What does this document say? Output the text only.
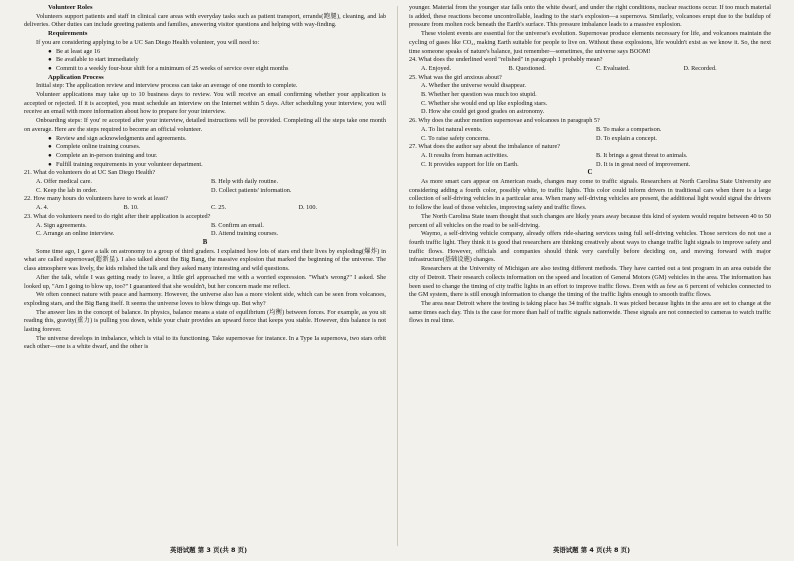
Volunteer Roles

Volunteers support patients and staff in clinical care areas with everyday tasks such as patient transport, errands(跑腿), cleaning, and lab deliveries. Other duties can include greeting patients and families, answering visitor questions and helping with way-finding.

Requirements

If you are considering applying to be a UC San Diego Health volunteer, you will need to:

● Be at least age 16

● Be available to start immediately

● Commit to a weekly four-hour shift for a minimum of 25 weeks of service over eight months

Application Process

Initial step: The application review and interview process can take an average of one month to complete.

Volunteer applications may take up to 10 business days to review. You will receive an email confirming whether your application is accepted or rejected. If it is accepted, you must schedule an interview on the Internet within 5 days. After scheduling your interview, you will receive an email with more information about how to prepare for your interview.

Onboarding steps: If you' re accepted after your interview, detailed instructions will be provided. Completing all the steps take one month on average. Here are the steps required to become an official volunteer.

● Review and sign acknowledgments and agreements.

● Complete online training courses.

● Complete an in-person training and tour.

● Fulfill training requirements in your volunteer department.

21. What do volunteers do at UC San Diego Health?

A. Offer medical care.	B. Help with daily routine.
C. Keep the lab in order.	D. Collect patients' information.

22. How many hours do volunteers have to work at least?

A. 4.	B. 10.	C. 25.	D. 100.

23. What do volunteers need to do right after their application is accepted?

A. Sign agreements.	B. Confirm an email.
C. Arrange an online interview.	D. Attend training courses.

B

Some time ago, I gave a talk on astronomy to a group of third graders. I explained how lots of stars end their lives by exploding(爆炸) in what are called supernovae(超新星). I also talked about the Big Bang, the massive explosion that marked the beginning of the universe. The class atmosphere was lively, the kids relished the talk and they asked many interesting and wild questions.

After the talk, while I was getting ready to leave, a little girl approached me with a worried expression. "What's wrong?" I asked. She looked up, "Am I going to blow up, too?" I guaranteed that she wouldn't, but her concern made me reflect.

We often connect nature with peace and harmony. However, the universe also has a more violent side, which can be seen from volcanoes, exploding stars, and the Big Bang itself. It seems the universe loves to blow things up. But why?

The answer lies in the concept of balance. In physics, balance means a state of equilibrium (均衡) between forces. For example, as you sit reading this, gravity(重力) is pulling you down, while your chair provides an upward force that keeps you stable. However, this balance is not lasting forever.

The universe develops in imbalance, which is vital to its functioning. Take supernovae for instance. In a Type Ia supernova, two stars orbit each other—one is a white dwarf, and the other is

younger. Material from the younger star falls onto the white dwarf, and under the right conditions, nuclear reactions occur. If too much material is added, these reactions become uncontrollable, leading to the star's explosion—a supernova. Similarly, volcanoes erupt due to the buildup of pressure from molten rock beneath the Earth's surface. This pressure imbalance leads to a massive explosion.

These violent events are essential for the universe's evolution. Supernovae produce elements necessary for life, and volcanoes maintain the cycling of gases like CO₂, making Earth suitable for people to live on. Without these explosions, life wouldn't exist as we know it. So, the next time someone speaks of nature's balance, just remember—sometimes, the universe says BOOM!

24. What does the underlined word "relished" in paragraph 1 probably mean?

A. Enjoyed.	B. Questioned.	C. Evaluated.	D. Recorded.

25. What was the girl anxious about?

A. Whether the universe would disappear.

B. Whether her question was much too stupid.

C. Whether she would end up like exploding stars.

D. How she could get good grades on astronomy.

26. Why does the author mention supernovae and volcanoes in paragraph 5?

A. To list natural events.	B. To make a comparison.
C. To raise safety concerns.	D. To explain a concept.

27. What does the author say about the imbalance of nature?

A. It results from human activities.	B. It brings a great threat to animals.
C. It provides support for life on Earth.	D. It is in great need of improvement.

C

As more smart cars appear on American roads, changes may come to traffic signals. Researchers at North Carolina State University are considering adding a fourth color, possibly white, to traffic lights. This color could inform drivers in traditional cars when there is a large collection of self-driving vehicles in a particular area. When many self-driving vehicles are present, the additional light would signal the drivers to follow the lead of those vehicles, improving safety and traffic flows.

The North Carolina State team thought that such changes are likely years away because this kind of system would require between 40 to 50 percent of all vehicles on the road to be self-driving.

Waymo, a self-driving vehicle company, already offers ride-sharing services using full self-driving vehicles. Those services do not use a fourth traffic light. They think it is good that researchers are thinking creatively about ways to change traffic light signals to improve safety and traffic flows. However, officials and companies should think very carefully before deciding on, and moving forward with major infrastructure(基础设施) changes.

Researchers at the University of Michigan are also testing different methods. They have carried out a test program in an area outside the city of Detroit. Their research collects information on the speed and location of General Motors (GM) vehicles in the area. The information has been used to change the timing of city traffic lights in an effort to improve traffic flows. Even with as few as 6 percent of vehicles connected to the GM system, there is still enough information to change the timing of the traffic lights enough to smooth traffic flows.

The area near Detroit where the testing is taking place has 34 traffic signals. It was picked because lights in the area are set to change at the same times each day. This is the case for more than half of traffic signals nationwide. These signals are not connected to cameras to watch traffic flows in real time.

英语试题 第 3 页(共 8 页)	英语试题 第 4 页(共 8 页)
